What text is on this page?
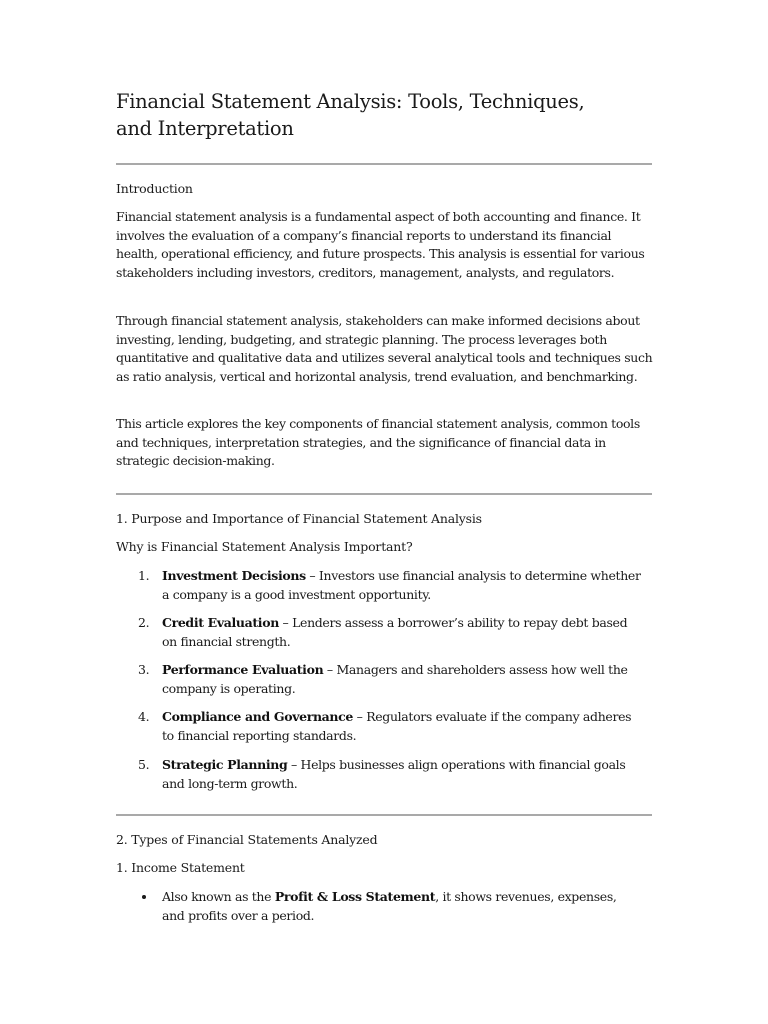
Financial Statement Analysis: Tools, Techniques,
and Interpretation
Introduction

Financial statement analysis is a fundamental aspect of both accounting and finance. It involves the evaluation of a company’s financial reports to understand its financial health, operational efficiency, and future prospects. This analysis is essential for various stakeholders including investors, creditors, management, analysts, and regulators.

Through financial statement analysis, stakeholders can make informed decisions about investing, lending, budgeting, and strategic planning. The process leverages both quantitative and qualitative data and utilizes several analytical tools and techniques such as ratio analysis, vertical and horizontal analysis, trend evaluation, and benchmarking.

This article explores the key components of financial statement analysis, common tools and techniques, interpretation strategies, and the significance of financial data in strategic decision-making.

1. Purpose and Importance of Financial Statement Analysis
Why is Financial Statement Analysis Important?
1. Investment Decisions – Investors use financial analysis to determine whether a company is a good investment opportunity.
2. Credit Evaluation – Lenders assess a borrower’s ability to repay debt based on financial strength.
3. Performance Evaluation – Managers and shareholders assess how well the company is operating.
4. Compliance and Governance – Regulators evaluate if the company adheres to financial reporting standards.
5. Strategic Planning – Helps businesses align operations with financial goals and long-term growth.
2. Types of Financial Statements Analyzed
1. Income Statement
Also known as the Profit & Loss Statement, it shows revenues, expenses, and profits over a period.
